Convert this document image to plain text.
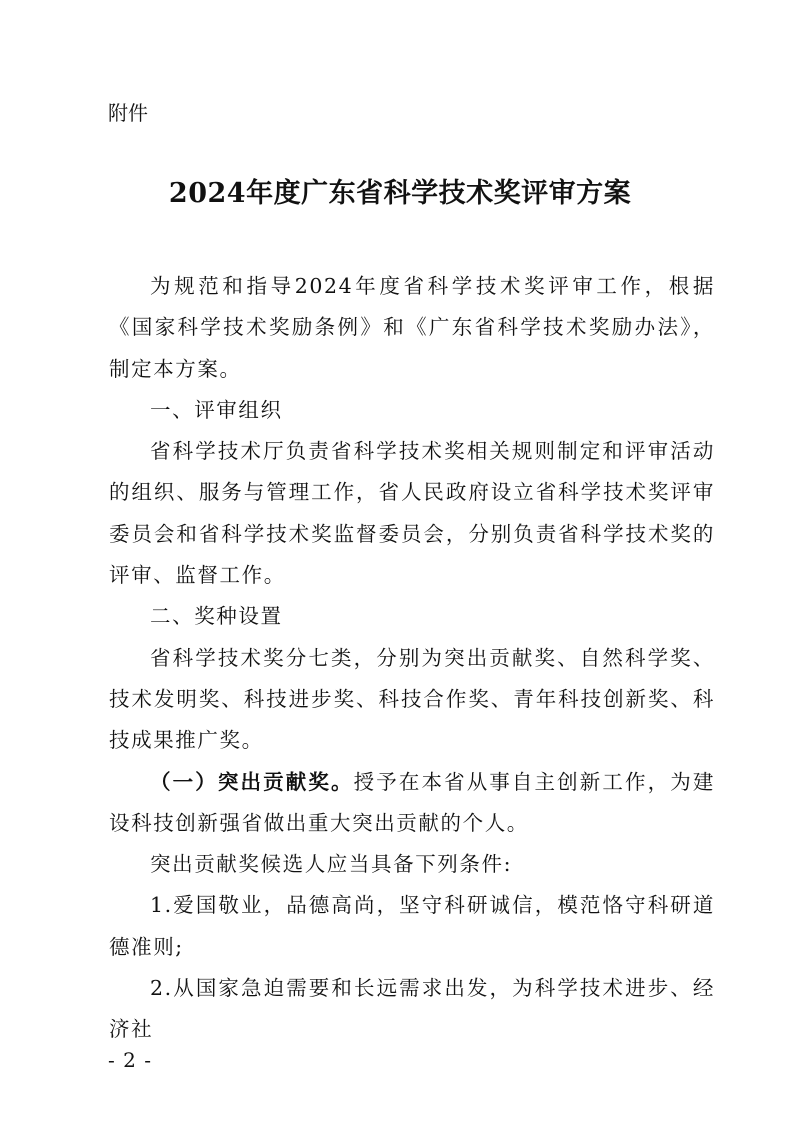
附件
2024年度广东省科学技术奖评审方案

为规范和指导2024年度省科学技术奖评审工作，根据《国家科学技术奖励条例》和《广东省科学技术奖励办法》，制定本方案。

一、评审组织

省科学技术厅负责省科学技术奖相关规则制定和评审活动的组织、服务与管理工作，省人民政府设立省科学技术奖评审委员会和省科学技术奖监督委员会，分别负责省科学技术奖的评审、监督工作。

二、奖种设置

省科学技术奖分七类，分别为突出贡献奖、自然科学奖、技术发明奖、科技进步奖、科技合作奖、青年科技创新奖、科技成果推广奖。

（一）突出贡献奖。授予在本省从事自主创新工作，为建设科技创新强省做出重大突出贡献的个人。

突出贡献奖候选人应当具备下列条件:

1.爱国敬业，品德高尚，坚守科研诚信，模范恪守科研道德准则;

2.从国家急迫需要和长远需求出发，为科学技术进步、经济社

- 2 -
